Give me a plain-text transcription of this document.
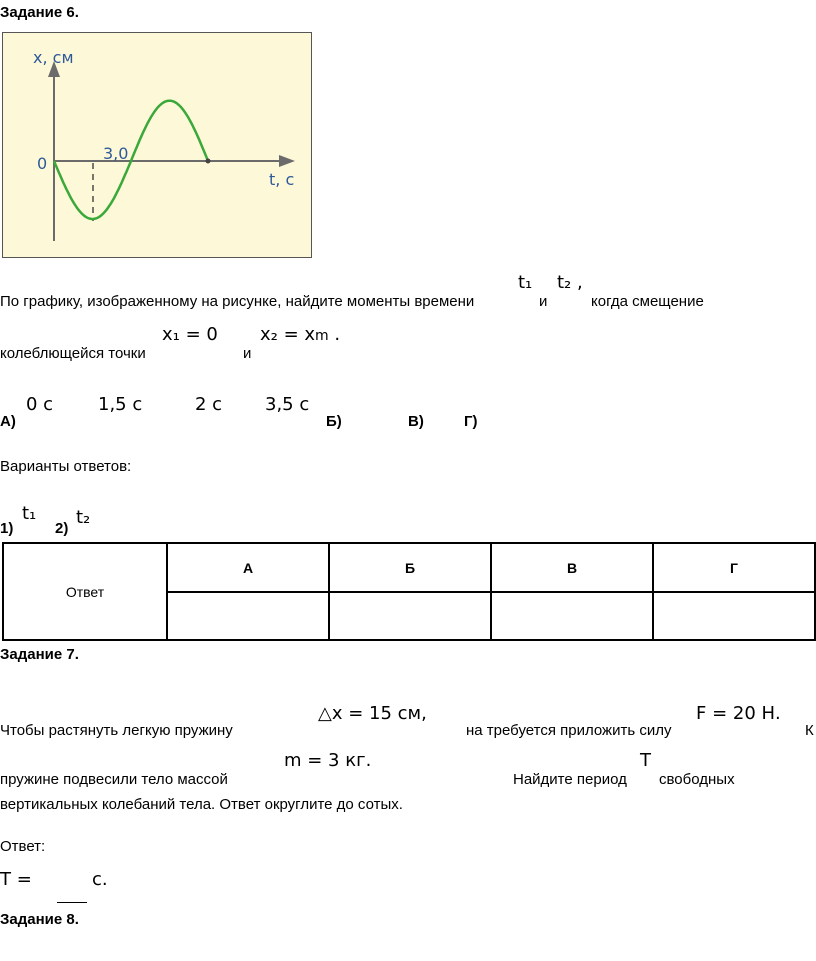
Задание 6.
x, см
t, с
0
3,0
t₁ t₂ ,
По графику, изображенному на рисунке, найдите моменты времени	и	когда смещение
x₁ = 0 x₂ = xm .
колеблющейся точки	и
0 с 1,5 с	2 с 3,5 с
А)	Б)	В)	Г)
Варианты ответов:
t₁ t₂
1)	2)
Ответ	А	Б	В	Г

Задание 7.
△x = 15 см,	F = 20 Н.
Чтобы растянуть легкую пружину	на требуется приложить силу	К
m = 3 кг.	T
пружине подвесили тело массой	Найдите период свободных
вертикальных колебаний тела. Ответ округлите до сотых.
Ответ:
T =	с.
Задание 8.
